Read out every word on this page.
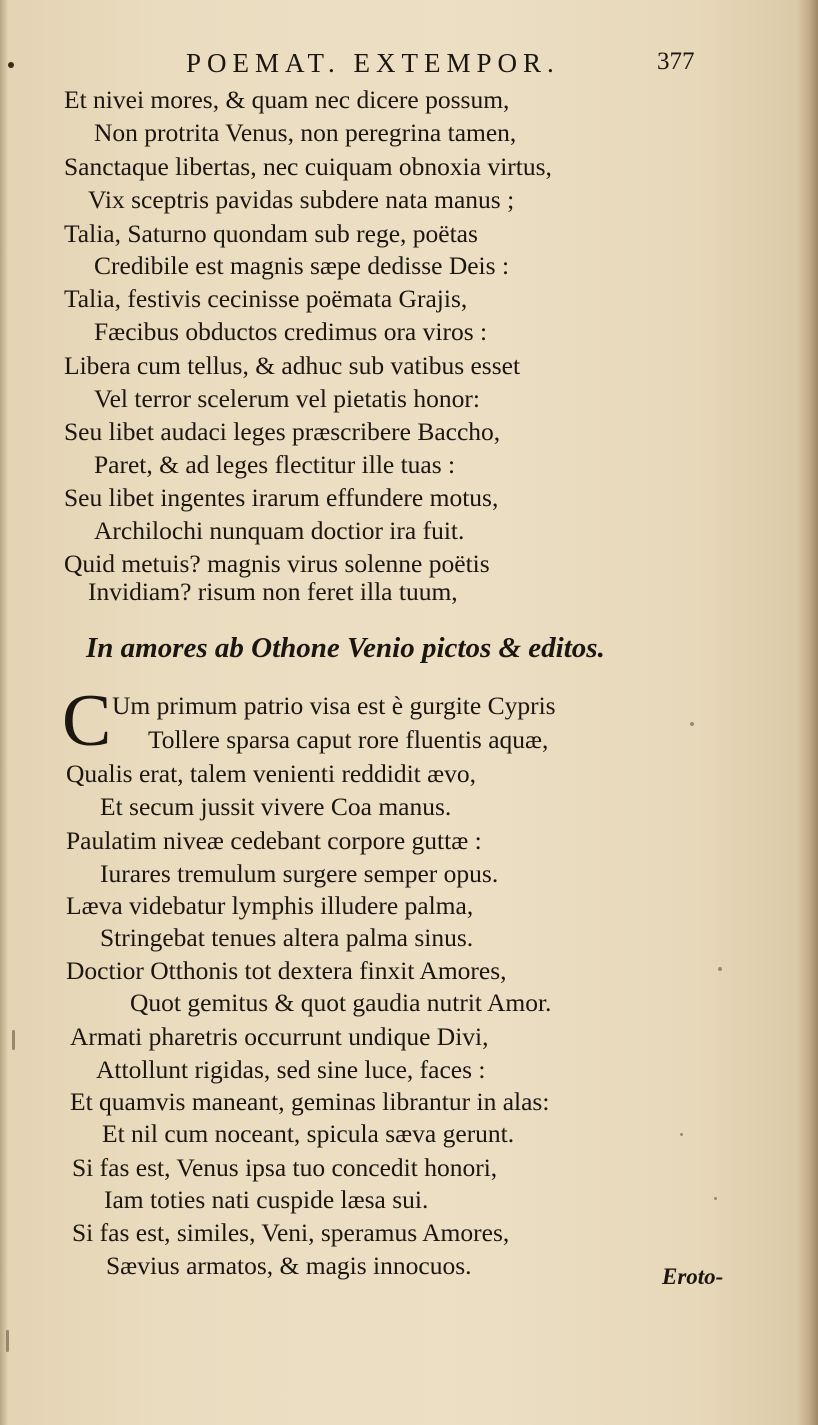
POEMAT. EXTEMPOR.	377
Et nivei mores, & quam nec dicere possum,
Non protrita Venus, non peregrina tamen,
Sanctaque libertas, nec cuiquam obnoxia virtus,
Vix sceptris pavidas subdere nata manus ;
Talia, Saturno quondam sub rege, poëtas
Credibile est magnis sæpe dedisse Deis :
Talia, festivis cecinisse poëmata Grajis,
Fæcibus obductos credimus ora viros :
Libera cum tellus, & adhuc sub vatibus esset
Vel terror scelerum vel pietatis honor:
Seu libet audaci leges præscribere Baccho,
Paret, & ad leges flectitur ille tuas :
Seu libet ingentes irarum effundere motus,
Archilochi nunquam doctior ira fuit.
Quid metuis? magnis virus solenne poëtis
Invidiam? risum non feret illa tuum,
In amores ab Othone Venio pictos & editos.
C Um primum patrio visa est è gurgite Cypris
Tollere sparsa caput rore fluentis aquæ,
Qualis erat, talem venienti reddidit ævo,
Et secum jussit vivere Coa manus.
Paulatim niveæ cedebant corpore guttæ :
Iurares tremulum surgere semper opus.
Læva videbatur lymphis illudere palma,
Stringebat tenues altera palma sinus.
Doctior Otthonis tot dextera finxit Amores,
Quot gemitus & quot gaudia nutrit Amor.
Armati pharetris occurrunt undique Divi,
Attollunt rigidas, sed sine luce, faces :
Et quamvis maneant, geminas librantur in alas:
Et nil cum noceant, spicula sæva gerunt.
Si fas est, Venus ipsa tuo concedit honori,
Iam toties nati cuspide læsa sui.
Si fas est, similes, Veni, speramus Amores,
Sævius armatos, & magis innocuos.	Eroto-
